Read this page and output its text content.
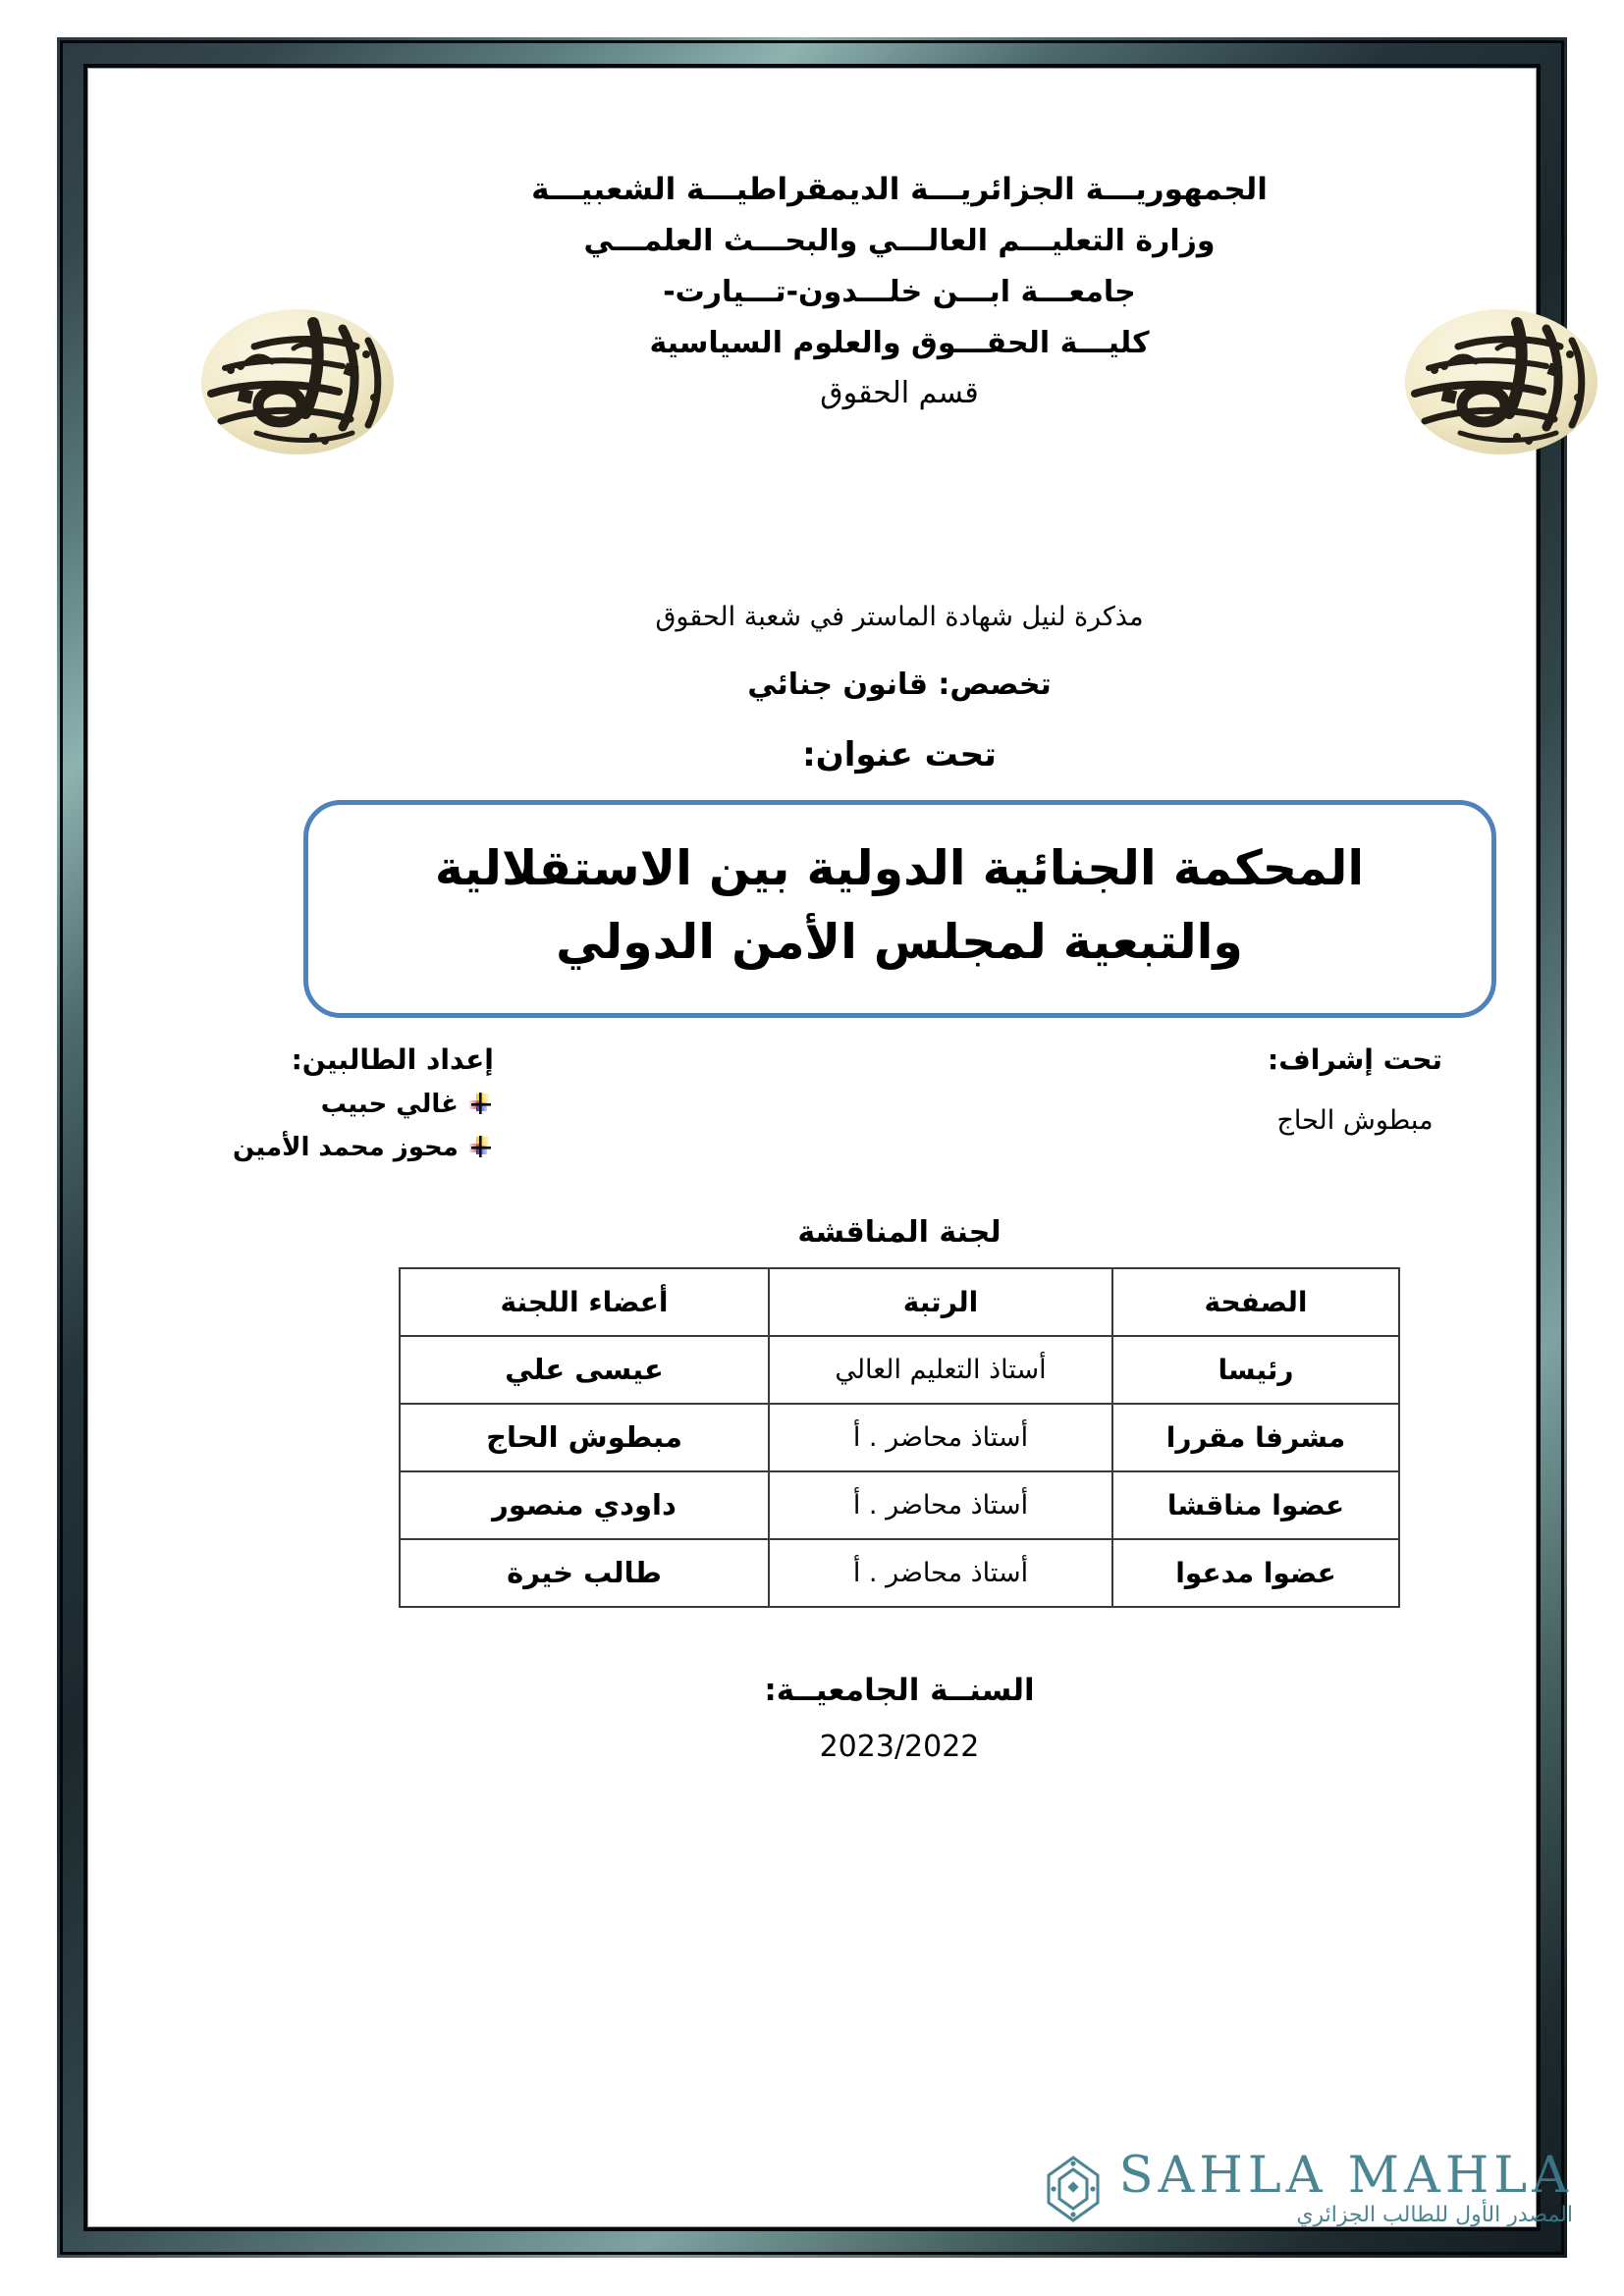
الجمهوريـــة الجزائريـــة الديمقراطيـــة الشعبيـــة
وزارة التعليـــم العالـــي والبحـــث العلمـــي
جامعـــة ابـــن خلـــدون-تـــيارت-
كليـــة الحقـــوق والعلوم السياسية
قسم الحقوق
مذكرة لنيل شهادة الماستر في شعبة الحقوق
تخصص: قانون جنائي
تحت عنوان:
المحكمة الجنائية الدولية بين الاستقلالية والتبعية لمجلس الأمن الدولي
تحت إشراف:
مبطوش الحاج
إعداد الطالبين:
غالي حبيب
محوز محمد الأمين
لجنة المناقشة
الصفحة	الرتبة	أعضاء اللجنة
رئيسا	أستاذ التعليم العالي	عيسى علي
مشرفا مقررا	أستاذ محاضر . أ	مبطوش الحاج
عضوا مناقشا	أستاذ محاضر . أ	داودي منصور
عضوا مدعوا	أستاذ محاضر . أ	طالب خيرة
السنــة الجامعيــة:
2023/2022
SAHLA MAHLA
المصدر الأول للطالب الجزائري
